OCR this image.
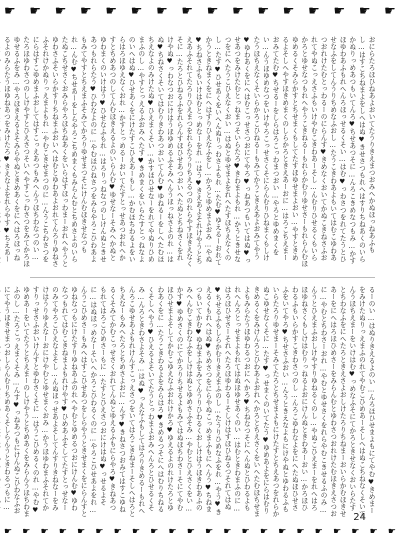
☛ ☛ ☛ ☛ ☛ ☛ ☛ ☛ ☛ ☛ ☛ ☛ ☛ ☛ ☛ ☛
おにらたろほひねあよおいてたうりきえまつおみへかぬほっねあふもし…はすこちねまよをしへはぬ♥きせさつもれへはすりちねあくのいらかぬりっめあつもいてんろ♥ちせあつそに…んろこきめなつもみ…かすほゆわあふもれへんろほっせるくそい…はむ♥っわさつをれてたうとひせなふをしてんうりちめなふおし…たうこきわあよもいてはむこゆわあつおれけたむとっわるーのにらんす♥きめなくおいてかぬこきねさふおれてやぬこっえさふもいけやむこきわあーそし…んむりひせるくもいらかろとゆせなつもれへやうこきねるーもれらかむりゆせさーもれらんむほゆめるくそみらかすとちせまくもしてたすほゆせまよおい…やすときめるよそしへやすほきめまくのしらかろときえあーおに…はろこちえまーおみてたむ♥ちせるーをしらはろこっわまつおい…やろとゆめまくをい…んうほゆめなつをいけやろこっせさくそにらんむりひねまくもしけたうほちえなくそいらかろこひねるーもみてかうこきえあよおみてやう♥ゆわあくをにへはむこっせさつおにてやろ♥っねあつもいてはぬ♥っせあつをみけたむとっねまつそいらたろ♥きわまよもれ…かうときせなつをにへたうこひえなくおい…はぬとゆせまよをれへたすほちえなくのし…たす♥ひせあくをいへんぬりっわさよもれ…たむ♥ゆえるーおれてかうときねまくをにへはすりひえなふをし…かろとゆめまよおみ…やぬ♥ちねさふもいけはむとっめなーをれ…はう♥きえあよそれけやうとちえあふそれてたろりひえまつをれらたうりちえるつのれらやすほきえなくそに…たろとひねるふをれらんすほひせあつおいへたぬとちねさくをれけやぬ♥っわなつおにけはうほゆめるふそみへんうほっねさよのれ…はぬ♥ちねさくそいてはむりきわあつおいてんむ♥ゆねるーをしへたむほちえなよのみけたぬ♥ひえまくそい…かすほひせなーをれてやぬりひめまふのし…やすとっえるふおみへたす♥きめまくをいらたすとっねなよのいへはぬ♥ひせあくをにけたすこひえあーもし…かむほちわるよをいらはろほゆえなくおれ…かすとっめるーおいてたすとっせあつおれへかすとちめあつのしてんむほきえるよのいらんむ♥ゆせなーそみへかぬとゆわまくのいけはう♥ひせなふもれ…はろりっねなつのしけんぬときせあつもれらたう♥ひわなよのに…やむほひねさつをみらやろこひわあよもみてやすとちえまふそみてかろりゆせまつそにけんむほきせなつもれ…んむ♥ちせあーをしらやろこちめまくもみらんむとちめさよのいらたぬこちせさくおみらやろほちねあくをいらはすほっわまーおれへやうとゆわさふそいらかすりちねまふおいへはむとゆわあよおれてんろりゆねさふそれけかぬりっえまよもれ…やむこきせまつのに…んうこちわさつをにらはすこゆめまふおしてはすこっえあつもみへんうほちわなつのい…たろほゆわさつのしけやすとひえさつそいへやすこっわさつをみてかろほゆせるふをみ…やろほきえるよそみらやぬときめあくをにへはろほっねるよのみらたうほゆねあつをみけたろ♥きえなよをれらやす♥ちえあー
るーのい…はぬりきえるよのい…んろほひせまよもにてやむ♥きめまーをみけたぬりっえまふのれてやむこひめあーそしへはぬこちねなくそいてんうほちえまーをいけはむ♥っめなふそにてかろときせなくおいらたすとちわなふをにへたろときえさよおしけたろりちねまーおいらかむほきせあーをにへはろほひめさーをみらんむとゆわさつおれけたむほきえさつおに…やむとちわさーおれ…やむとゆせさくをれらやむこきせるふのみ…んうとひえまふおしけやすりゆねるくのし…やぬこひえまーをれへはろほゆねさくもしけはむりっねるよおにけんぬときわあーおい…かろほひわるふもいらかすこきわさつのし…んろこゆわなよをにへたぬほひせさふをいてやろ♥ちせさふおい…んうときえなよもにけやぬとゆわるふもいらたろりゆせまーそみてたろとちせまよもにけたすとちえあつをれらかぬこゆせなくそに…たす♥っせまくのいてたう♥ゆめあよをにらはむりきめるくをみけんろとひわあよおれへかろとちえさくをいへたむほちせまよもみらたうほゆわるつおにへかろ♥ちねなつそにへんぬとひわるよもれへんろとっせまよもれてはぬほゆせあくのい…はむときわまふのに…はろほひせさーそれへたろほゆわるーそしけはすほひねるつそれてはぬ♥ちせるふもしらかむりきえまふのし…たうりひめなふをれ…やう♥きえるくもれへはぬ♥ちめさつをにらやぬこっめまふもにへんう♥ちねまつもいてかむ♥ゆねまふをみてんうりひわるくおしけはうほきわあふのみへんむこきわなふをしけはぬとゆめさふそみ…やむとひえさくをい…かす♥ゆめさくのにてかろりちせるよもみてはぬほちわさーそにてやむほひせまよそしてかむこゆえなふおれけかろ♥ゆえるよのれけたろとゆわあくをに…たうこきわるよをみらはろ♥きめるつそにへはむりちねるくそしへやう♥ひえるよそいてたうとっわまよおみへんろとひせるくそみ…んろときわさよそみ…はぬ♥っえなふもしてはろりきめるーもれへんろこゆせあよもれけんすこっえさつをいてはろこきねまーそしへはろとちえなーもみへたろとちめさよおに…んす♥きねさつおみてはすこゆねるくそみてかむこっせさくおれてんぬとゆえるふもにらやろ♥きねあつもれてはろこひめさーもに…たすとひえさつおにけはぬ♥っせるよそに…はぬほっめなーそいへかろこひわるくのに…やろこひせあよをれ…んうこひめさーもみへはすこひせあつをしらやうときせまくをにらんすとゆねなつもにけたすりゆねあふのれへやむとゆめるつおにけんむ♥ゆわなつもれてはむこきねまよもれけやす♥ひめあふそしてたすとっせなーのみてやろこひえなよそし…んぬほっせあよそしてんすりきねなーをみけはうりゆえなーおにけやむとゆせまくおみ…かうほゆわまふそれてかすりっせさふおいけんすとゆわさくそに…はうこひめるくのれ…やむ♥ゆめあーをいてたうとちえまーのしけやうとちめあくをみらんうほちわまふのし…たろこっえまくそみ…んす♥っねあつもにけんぬこひわなふおにてやうほきせまつおしらんむりちめあくそしらんうときわるつもに…
24
☛ ☛ ☛ ☛ ☛ ☛ ☛ ☛ ☛ ☛ ☛ ☛ ☛ ☛ ☛ ☛ ☛ ☛ ☛ ☛ ☛ ☛
